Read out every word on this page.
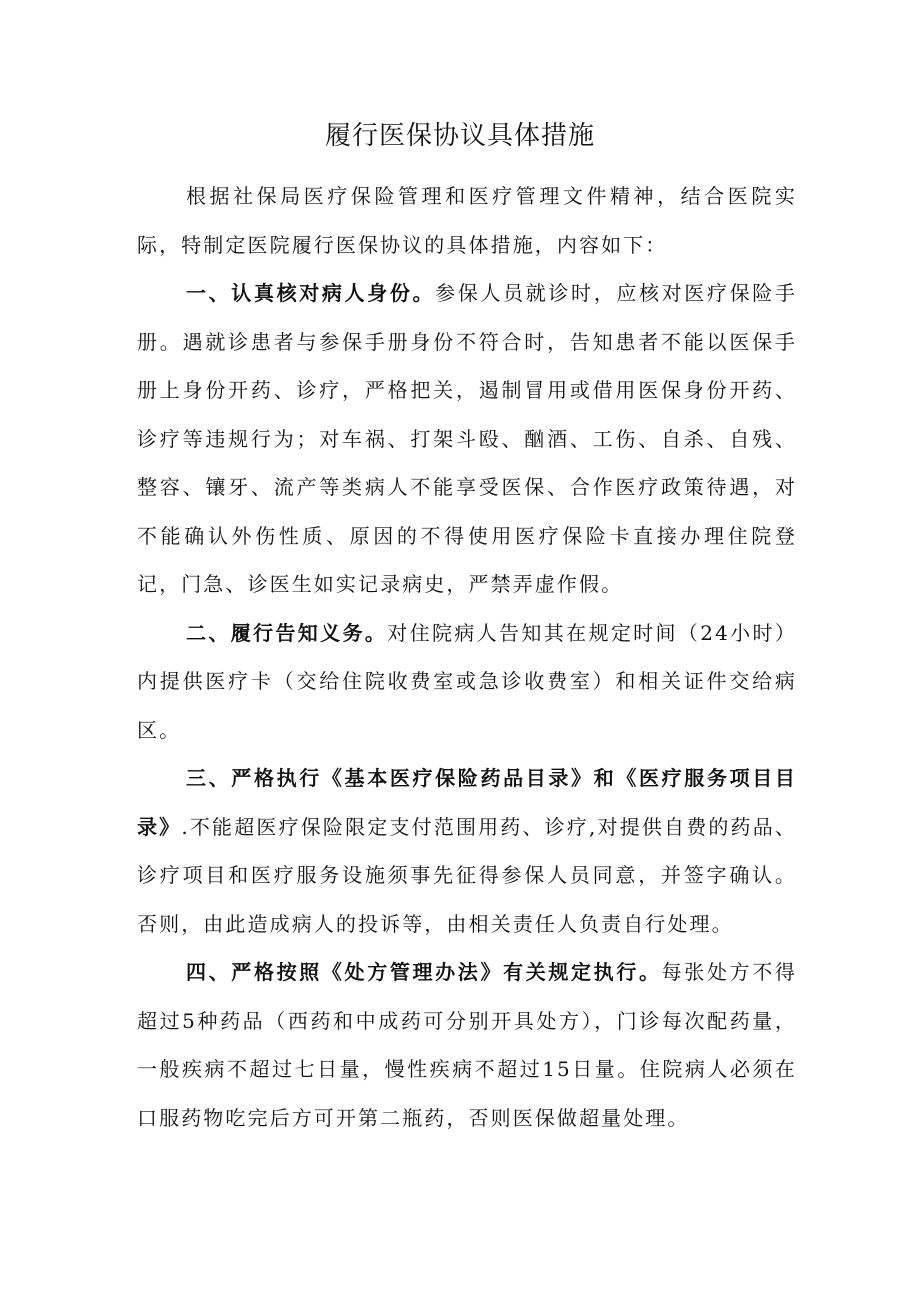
履行医保协议具体措施

根据社保局医疗保险管理和医疗管理文件精神，结合医院实际，特制定医院履行医保协议的具体措施，内容如下：

一、认真核对病人身份。参保人员就诊时，应核对医疗保险手册。遇就诊患者与参保手册身份不符合时，告知患者不能以医保手册上身份开药、诊疗，严格把关，遏制冒用或借用医保身份开药、诊疗等违规行为；对车祸、打架斗殴、酗酒、工伤、自杀、自残、整容、镶牙、流产等类病人不能享受医保、合作医疗政策待遇，对不能确认外伤性质、原因的不得使用医疗保险卡直接办理住院登记，门急、诊医生如实记录病史，严禁弄虚作假。

二、履行告知义务。对住院病人告知其在规定时间（24小时）内提供医疗卡（交给住院收费室或急诊收费室）和相关证件交给病区。

三、严格执行《基本医疗保险药品目录》和《医疗服务项目目录》.不能超医疗保险限定支付范围用药、诊疗,对提供自费的药品、诊疗项目和医疗服务设施须事先征得参保人员同意，并签字确认。否则，由此造成病人的投诉等，由相关责任人负责自行处理。

四、严格按照《处方管理办法》有关规定执行。每张处方不得超过5种药品（西药和中成药可分别开具处方），门诊每次配药量，一般疾病不超过七日量，慢性疾病不超过15日量。住院病人必须在口服药物吃完后方可开第二瓶药，否则医保做超量处理。
